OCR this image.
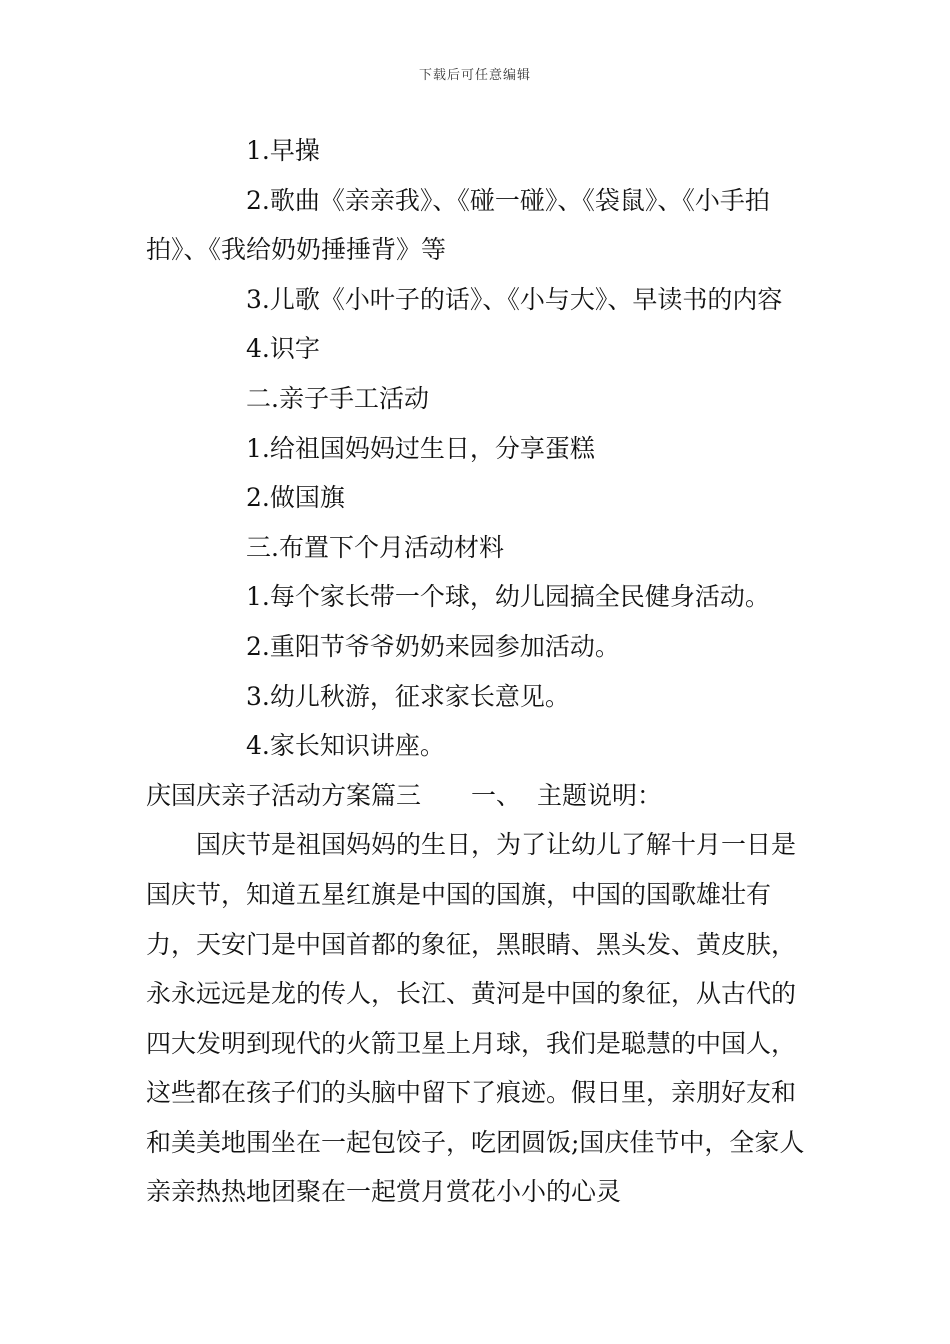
下载后可任意编辑

1.早操

2.歌曲《亲亲我》、《碰一碰》、《袋鼠》、《小手拍拍》、《我给奶奶捶捶背》等

3.儿歌《小叶子的话》、《小与大》、早读书的内容

4.识字

二.亲子手工活动

1.给祖国妈妈过生日，分享蛋糕

2.做国旗

三.布置下个月活动材料

1.每个家长带一个球，幼儿园搞全民健身活动。

2.重阳节爷爷奶奶来园参加活动。

3.幼儿秋游，征求家长意见。

4.家长知识讲座。

庆国庆亲子活动方案篇三 一、 主题说明：

国庆节是祖国妈妈的生日，为了让幼儿了解十月一日是国庆节，知道五星红旗是中国的国旗，中国的国歌雄壮有力，天安门是中国首都的象征，黑眼睛、黑头发、黄皮肤，永永远远是龙的传人，长江、黄河是中国的象征，从古代的四大发明到现代的火箭卫星上月球，我们是聪慧的中国人，这些都在孩子们的头脑中留下了痕迹。假日里，亲朋好友和和美美地围坐在一起包饺子，吃团圆饭;国庆佳节中，全家人亲亲热热地团聚在一起赏月赏花小小的心灵
